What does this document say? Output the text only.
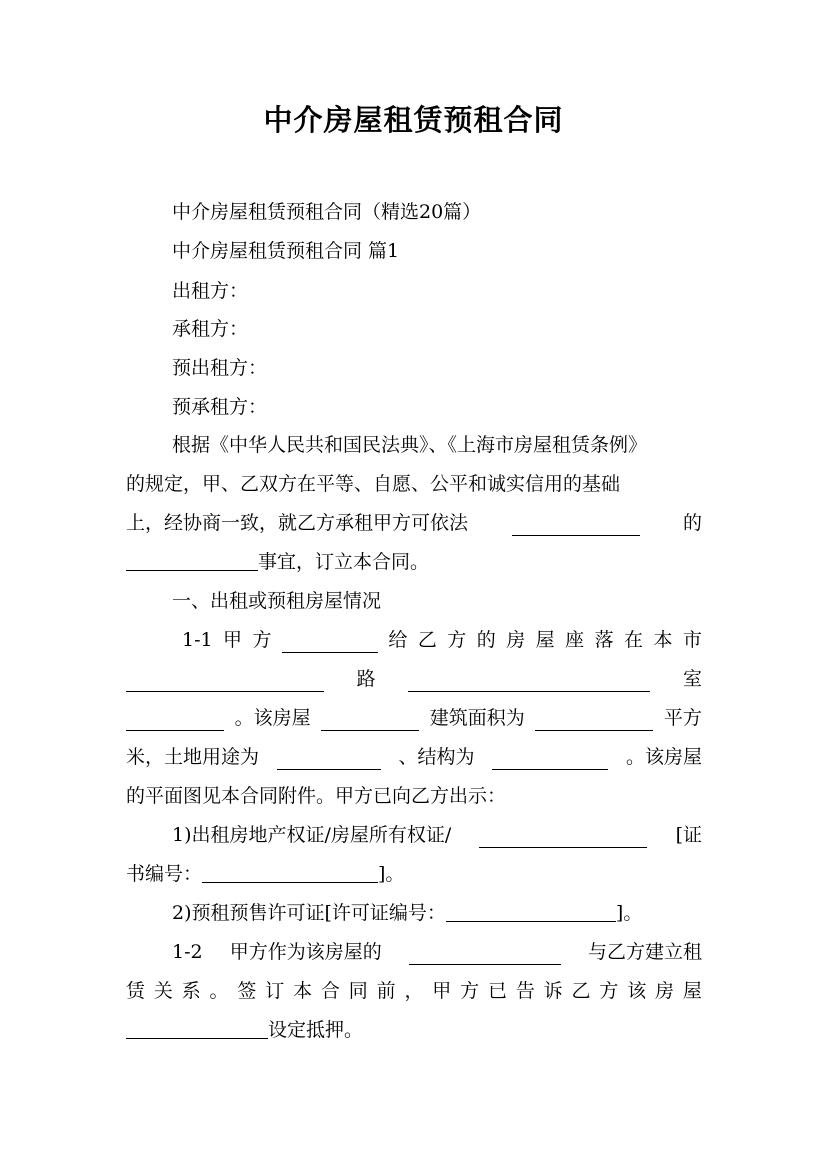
中介房屋租赁预租合同
中介房屋租赁预租合同（精选20篇）
中介房屋租赁预租合同 篇1
出租方：
承租方：
预出租方：
预承租方：
根据《中华人民共和国民法典》、《上海市房屋租赁条例》
的规定，甲、乙双方在平等、自愿、公平和诚实信用的基础
上，经协商一致，就乙方承租甲方可依法	的
事宜，订立本合同。
一、出租或预租房屋情况
1-1 甲 方	给 乙 方 的 房 屋 座 落 在 本 市
路	室
。该房屋	建筑面积为	平方
米，土地用途为	、结构为	。该房屋
的平面图见本合同附件。甲方已向乙方出示：
1)出租房地产权证/房屋所有权证/	[证
书编号：	]。
2)预租预售许可证[许可证编号：	]。
1-2 甲方作为该房屋的	与乙方建立租
赁 关 系 。 签 订 本 合 同 前 ， 甲 方 已 告 诉 乙 方 该 房 屋
设定抵押。
